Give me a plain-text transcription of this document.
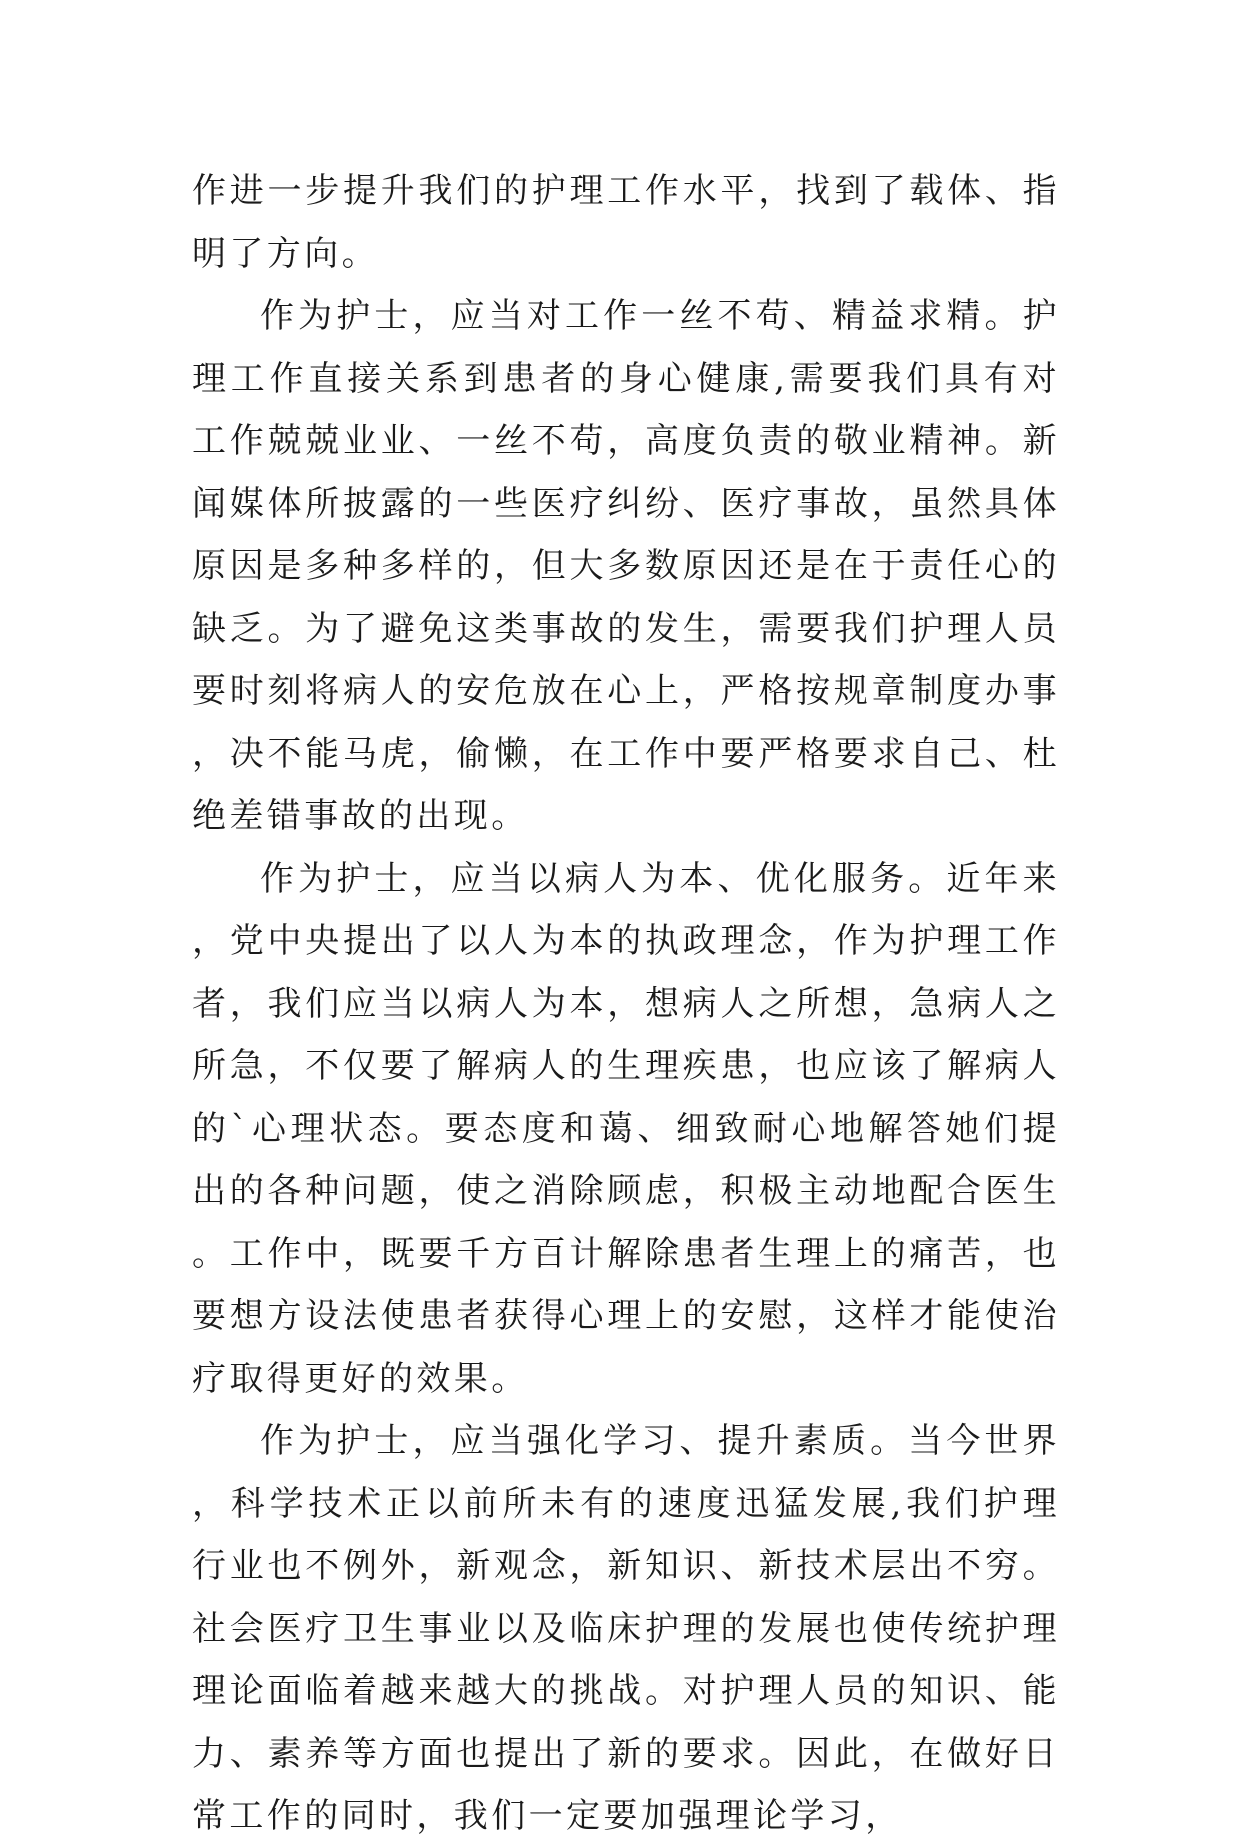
作进一步提升我们的护理工作水平，找到了载体、指明了方向。

作为护士，应当对工作一丝不苟、精益求精。护理工作直接关系到患者的身心健康,需要我们具有对工作兢兢业业、一丝不苟，高度负责的敬业精神。新闻媒体所披露的一些医疗纠纷、医疗事故，虽然具体原因是多种多样的，但大多数原因还是在于责任心的缺乏。为了避免这类事故的发生，需要我们护理人员要时刻将病人的安危放在心上，严格按规章制度办事，决不能马虎，偷懒，在工作中要严格要求自己、杜绝差错事故的出现。

作为护士，应当以病人为本、优化服务。近年来，党中央提出了以人为本的执政理念，作为护理工作者，我们应当以病人为本，想病人之所想，急病人之所急，不仅要了解病人的生理疾患，也应该了解病人的`心理状态。要态度和蔼、细致耐心地解答她们提出的各种问题，使之消除顾虑，积极主动地配合医生。工作中，既要千方百计解除患者生理上的痛苦，也要想方设法使患者获得心理上的安慰，这样才能使治疗取得更好的效果。

作为护士，应当强化学习、提升素质。当今世界，科学技术正以前所未有的速度迅猛发展,我们护理行业也不例外，新观念，新知识、新技术层出不穷。社会医疗卫生事业以及临床护理的发展也使传统护理理论面临着越来越大的挑战。对护理人员的知识、能力、素养等方面也提出了新的要求。因此，在做好日常工作的同时，我们一定要加强理论学习，
